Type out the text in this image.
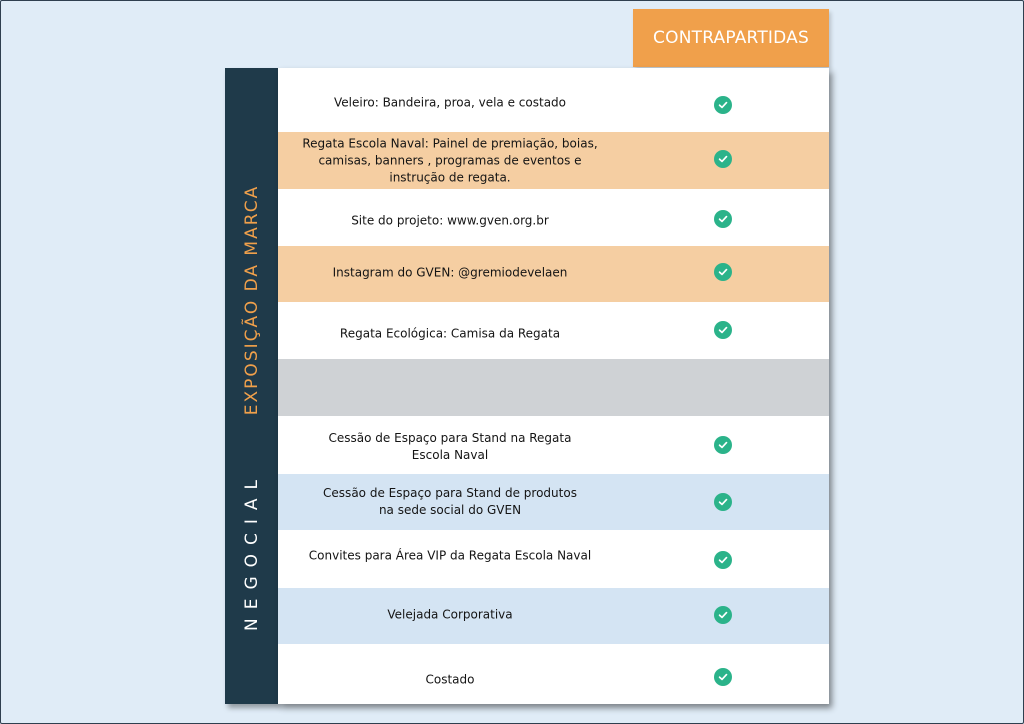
CONTRAPARTIDAS
EXPOSIÇÃO DA MARCA
NEGOCIAL
Veleiro: Bandeira, proa, vela e costado
Regata Escola Naval: Painel de premiação, boias,
camisas, banners , programas de eventos e
instrução de regata.
Site do projeto: www.gven.org.br
Instagram do GVEN: @gremiodevelaen
Regata Ecológica: Camisa da Regata
Cessão de Espaço para Stand na Regata
Escola Naval
Cessão de Espaço para Stand de produtos
na sede social do GVEN
Convites para Área VIP da Regata Escola Naval
Velejada Corporativa
Costado
